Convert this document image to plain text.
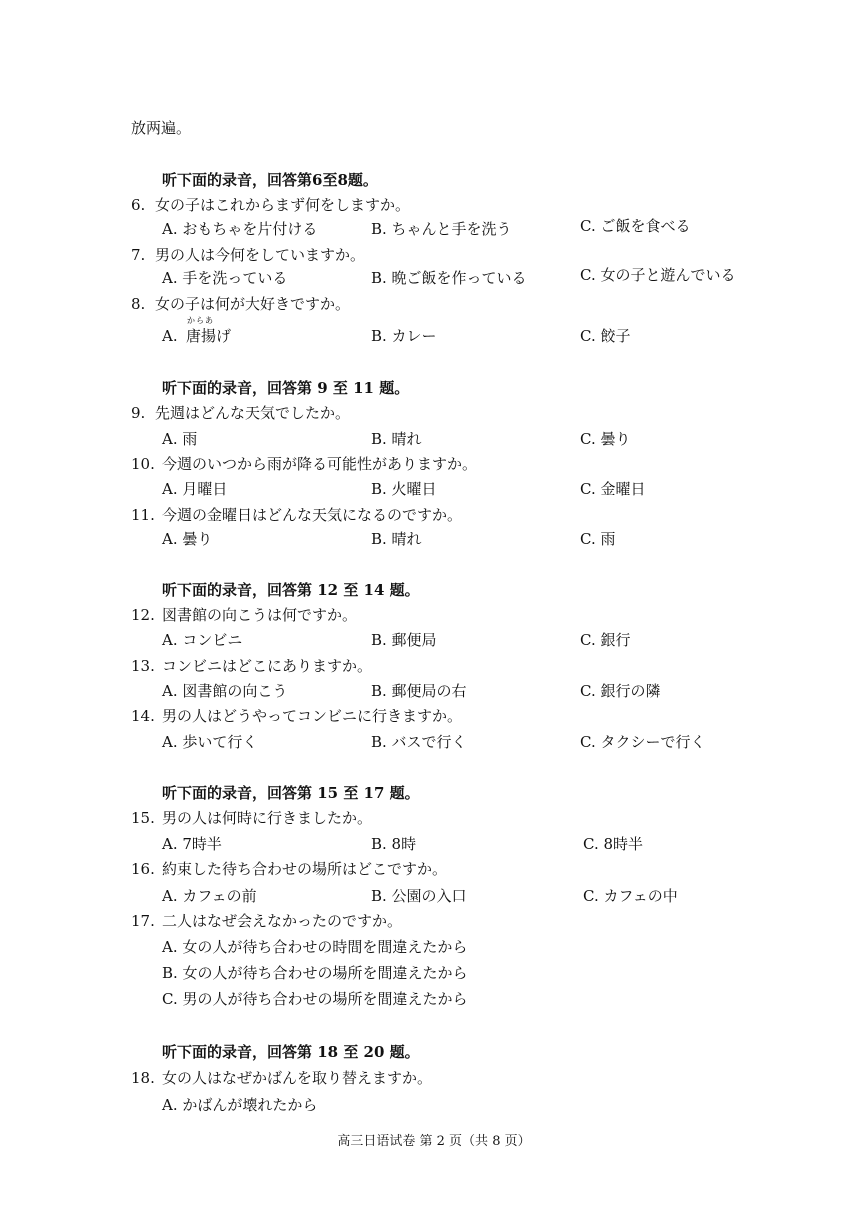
放两遍。
听下面的录音，回答第6至8题。
6. 女の子はこれからまず何をしますか。
A. おもちゃを片付ける	B. ちゃんと手を洗う	C. ご飯を食べる
7. 男の人は今何をしていますか。
A. 手を洗っている	B. 晩ご飯を作っている	C. 女の子と遊んでいる
8. 女の子は何が大好きですか。
からあ
A. 唐揚げ	B. カレー	C. 餃子
听下面的录音，回答第 9 至 11 题。
9. 先週はどんな天気でしたか。
A. 雨	B. 晴れ	C. 曇り
10. 今週のいつから雨が降る可能性がありますか。
A. 月曜日	B. 火曜日	C. 金曜日
11. 今週の金曜日はどんな天気になるのですか。
A. 曇り	B. 晴れ	C. 雨
听下面的录音，回答第 12 至 14 题。
12. 図書館の向こうは何ですか。
A. コンビニ	B. 郵便局	C. 銀行
13. コンビニはどこにありますか。
A. 図書館の向こう	B. 郵便局の右	C. 銀行の隣
14. 男の人はどうやってコンビニに行きますか。
A. 歩いて行く	B. バスで行く	C. タクシーで行く
听下面的录音，回答第 15 至 17 题。
15. 男の人は何時に行きましたか。
A. 7時半	B. 8時	C. 8時半
16. 約束した待ち合わせの場所はどこですか。
A. カフェの前	B. 公園の入口	C. カフェの中
17. 二人はなぜ会えなかったのですか。
A. 女の人が待ち合わせの時間を間違えたから
B. 女の人が待ち合わせの場所を間違えたから
C. 男の人が待ち合わせの場所を間違えたから
听下面的录音，回答第 18 至 20 题。
18. 女の人はなぜかばんを取り替えますか。
A. かばんが壊れたから
高三日语试卷 第 2 页（共 8 页）
